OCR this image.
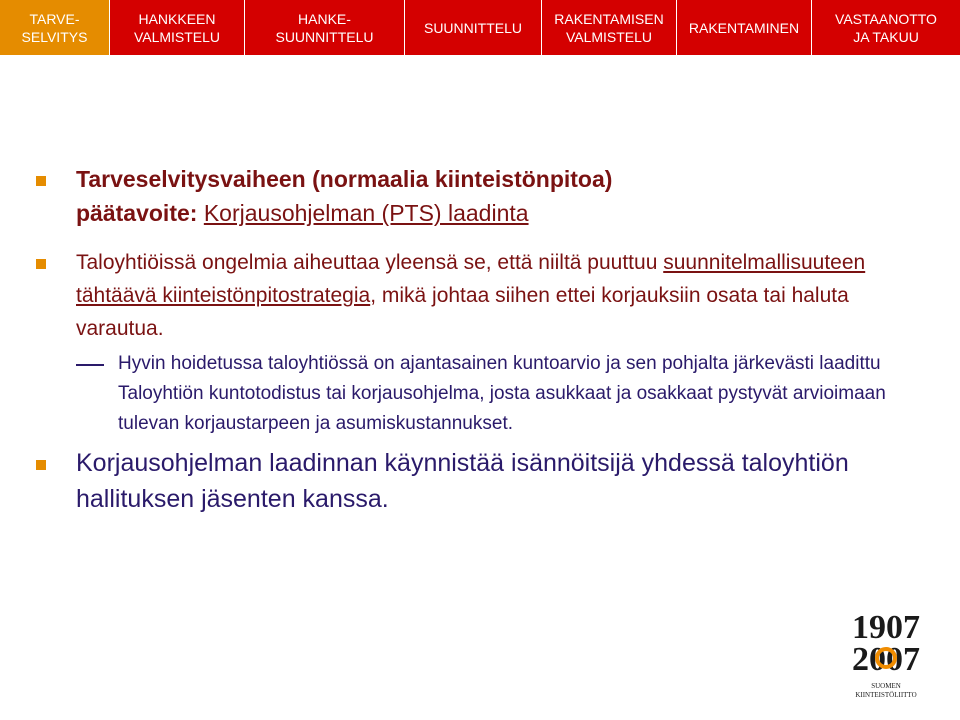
TARVE-
SELVITYS
HANKKEEN
VALMISTELU
HANKE-
SUUNNITTELU
SUUNNITTELU
RAKENTAMISEN
VALMISTELU
RAKENTAMINEN
VASTAANOTTO
JA TAKUU
Tarveselvitysvaiheen (normaalia kiinteistönpitoa)
päätavoite: Korjausohjelman (PTS) laadinta
Taloyhtiöissä ongelmia aiheuttaa yleensä se, että niiltä puuttuu suunnitelmallisuuteen tähtäävä kiinteistönpitostrategia, mikä johtaa siihen ettei korjauksiin osata tai haluta varautua.
Hyvin hoidetussa taloyhtiössä on ajantasainen kuntoarvio ja sen pohjalta järkevästi laadittu Taloyhtiön kuntotodistus tai korjausohjelma, josta asukkaat ja osakkaat pystyvät arvioimaan tulevan korjaustarpeen ja asumiskustannukset.
Korjausohjelman laadinnan käynnistää isännöitsijä yhdessä taloyhtiön hallituksen jäsenten kanssa.
1907
2007
SUOMEN
KIINTEISTÖLIITTO
